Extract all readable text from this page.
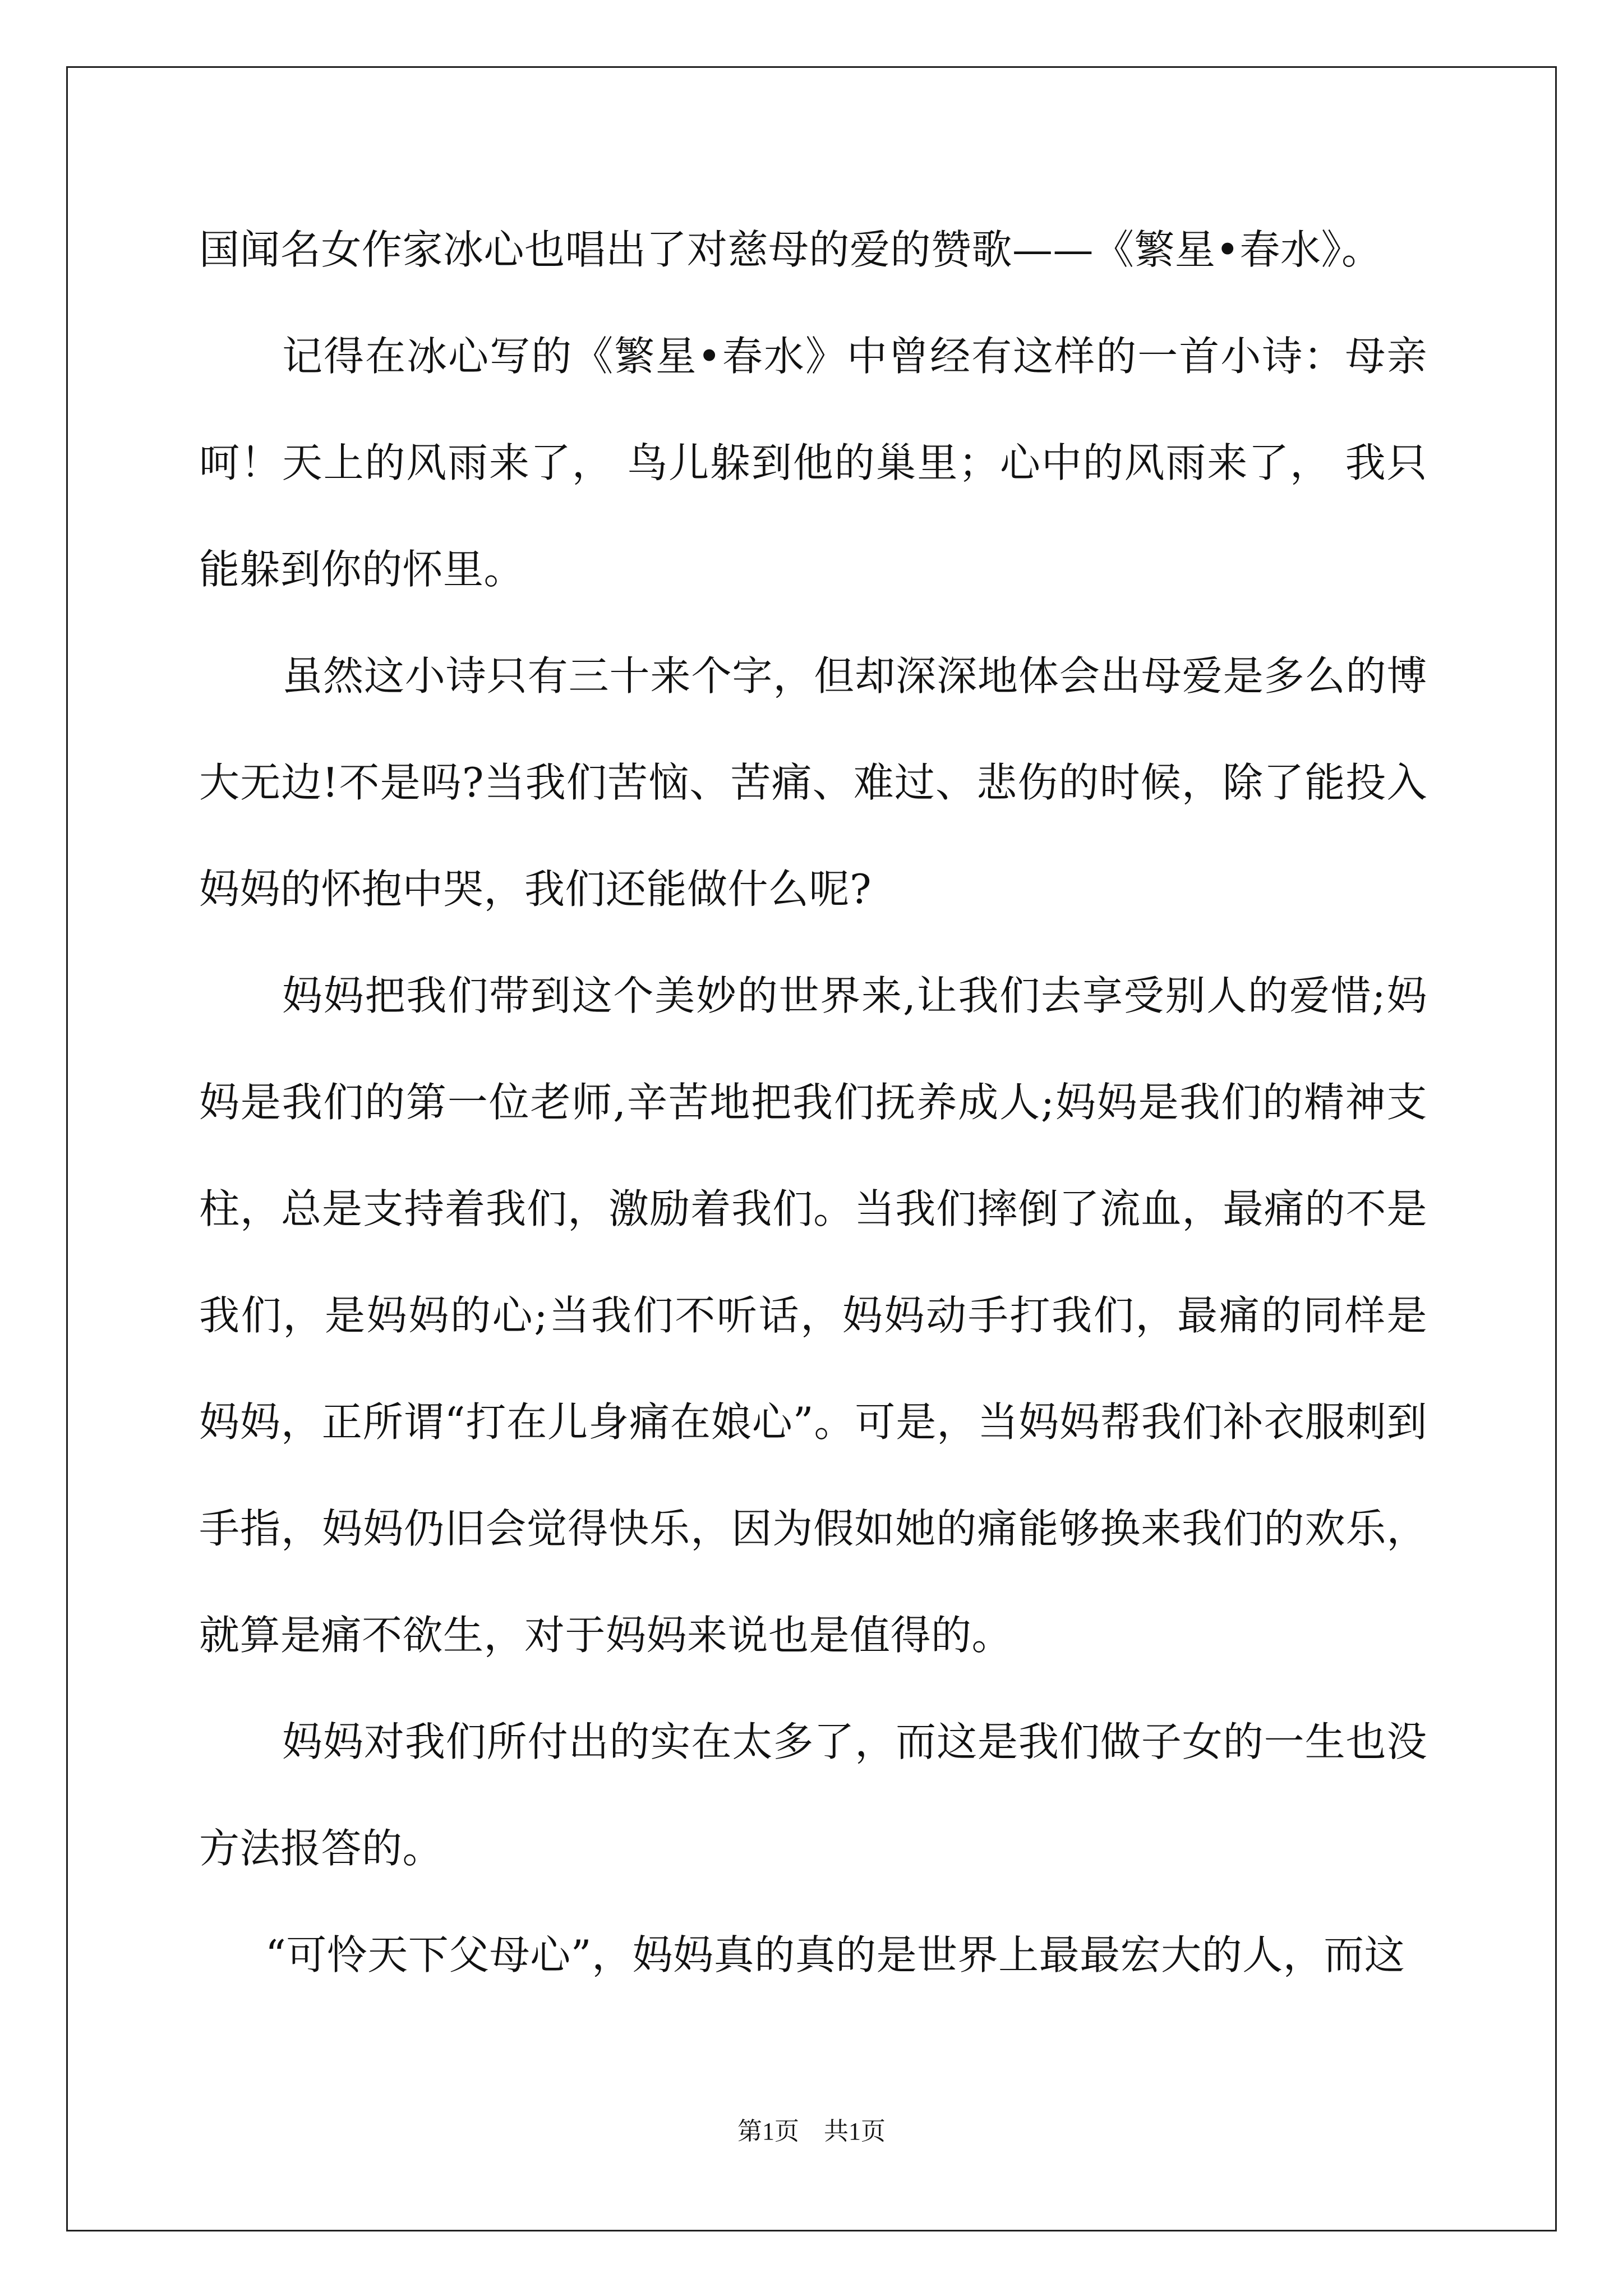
国闻名女作家冰心也唱出了对慈母的爱的赞歌——《繁星•春水》。

记得在冰心写的《繁星•春水》中曾经有这样的一首小诗：母亲呵！天上的风雨来了， 鸟儿躲到他的巢里；心中的风雨来了， 我只能躲到你的怀里。

虽然这小诗只有三十来个字，但却深深地体会出母爱是多么的博大无边!不是吗?当我们苦恼、苦痛、难过、悲伤的时候，除了能投入妈妈的怀抱中哭，我们还能做什么呢?

妈妈把我们带到这个美妙的世界来,让我们去享受别人的爱惜;妈妈是我们的第一位老师,辛苦地把我们抚养成人;妈妈是我们的精神支柱，总是支持着我们，激励着我们。当我们摔倒了流血，最痛的不是我们，是妈妈的心;当我们不听话，妈妈动手打我们，最痛的同样是妈妈，正所谓“打在儿身痛在娘心”。可是，当妈妈帮我们补衣服刺到手指，妈妈仍旧会觉得快乐，因为假如她的痛能够换来我们的欢乐，就算是痛不欲生，对于妈妈来说也是值得的。

妈妈对我们所付出的实在太多了，而这是我们做子女的一生也没方法报答的。

“可怜天下父母心”，妈妈真的真的是世界上最最宏大的人，而这

第1页　共1页
